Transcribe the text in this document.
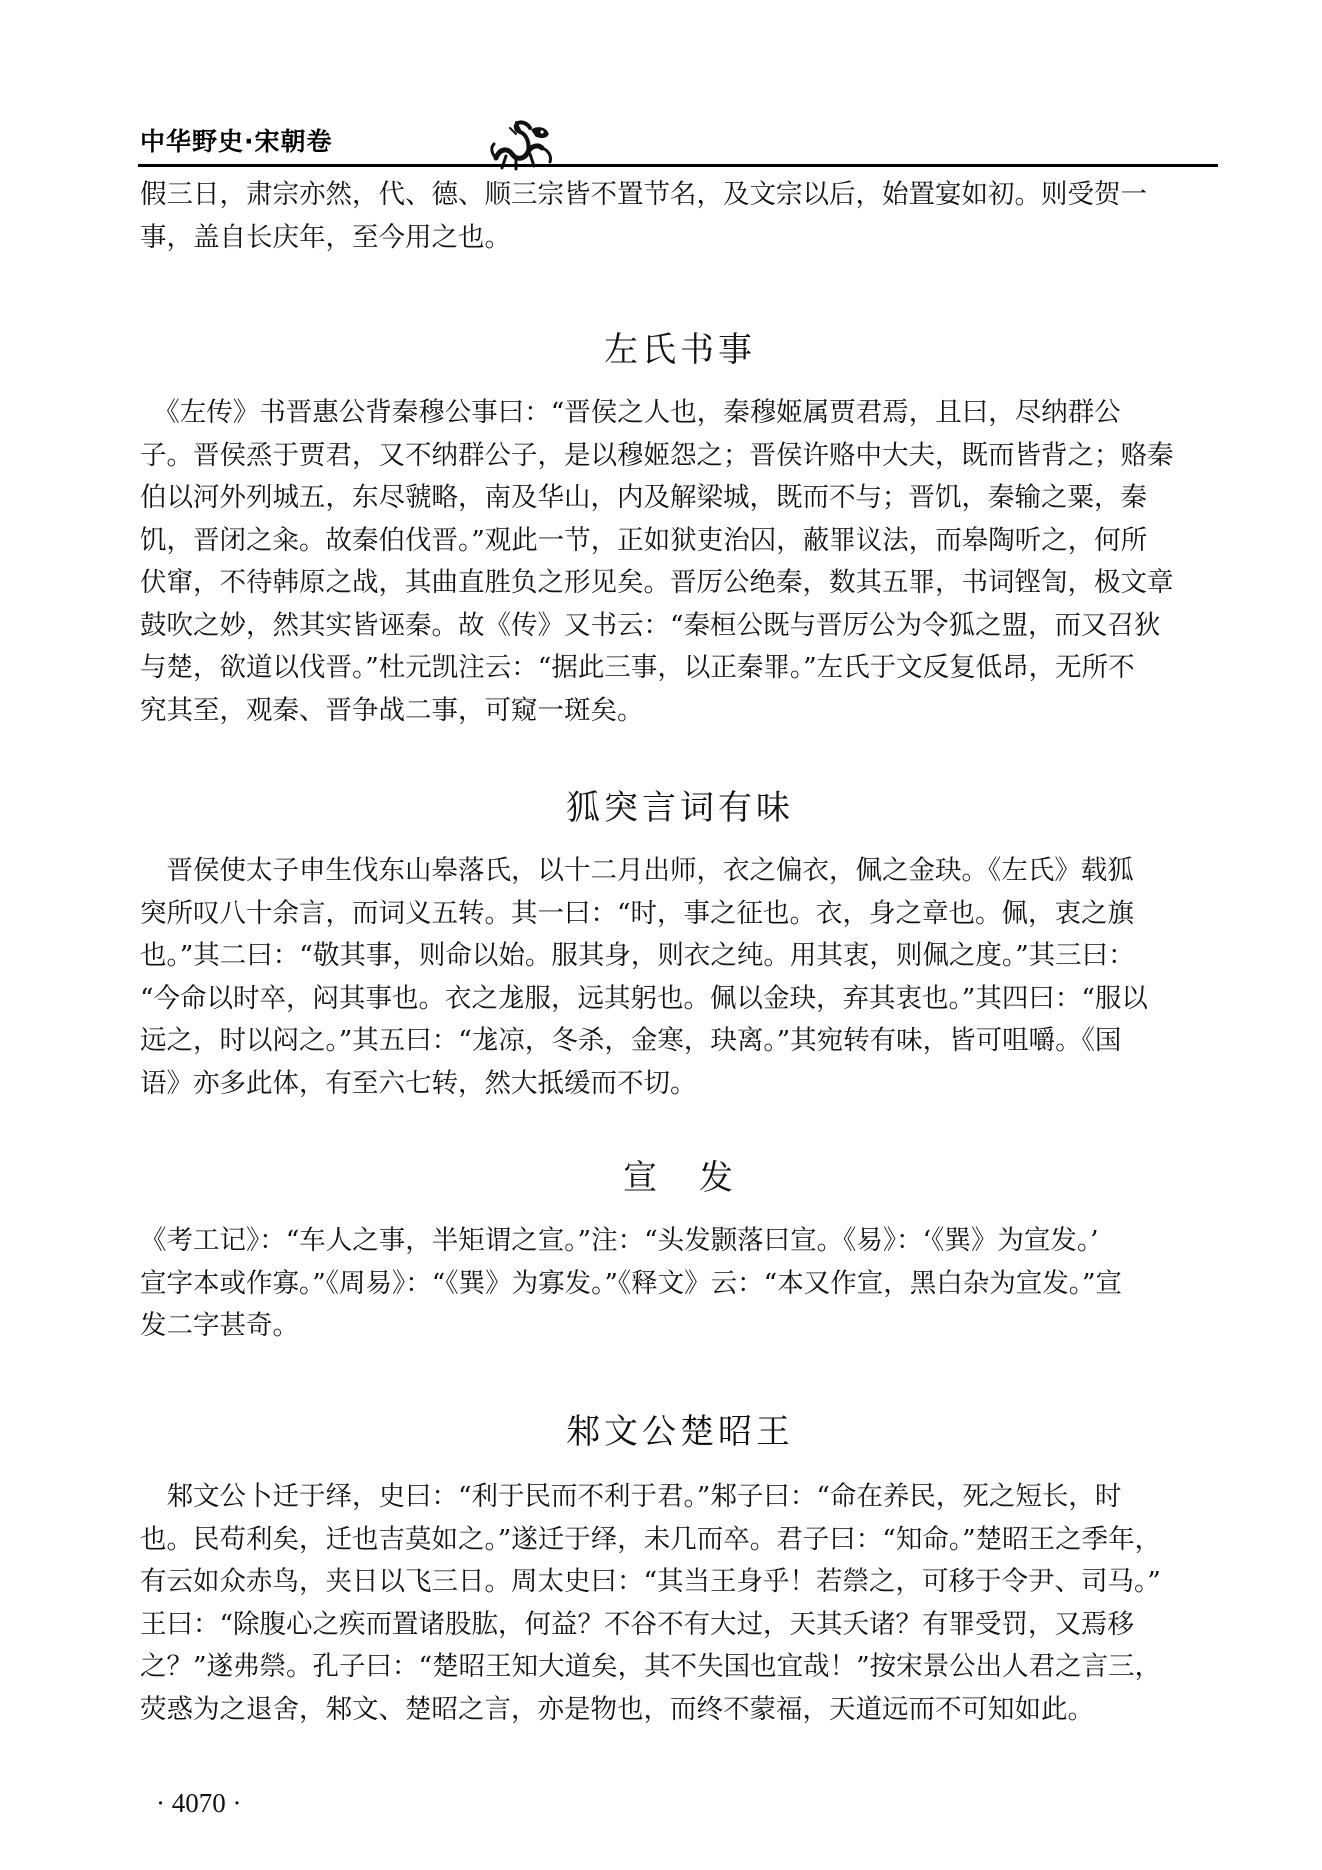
中华野史·宋朝卷
假三日，肃宗亦然，代、德、顺三宗皆不置节名，及文宗以后，始置宴如初。则受贺一
事，盖自长庆年，至今用之也。
左氏书事
　《左传》书晋惠公背秦穆公事曰：“晋侯之人也，秦穆姬属贾君焉，且曰，尽纳群公
子。晋侯烝于贾君，又不纳群公子，是以穆姬怨之；晋侯许赂中大夫，既而皆背之；赂秦
伯以河外列城五，东尽虢略，南及华山，内及解梁城，既而不与；晋饥，秦输之粟，秦
饥，晋闭之籴。故秦伯伐晋。”观此一节，正如狱吏治囚，蔽罪议法，而皋陶听之，何所
伏窜，不待韩原之战，其曲直胜负之形见矣。晋厉公绝秦，数其五罪，书词铿訇，极文章
鼓吹之妙，然其实皆诬秦。故《传》又书云：“秦桓公既与晋厉公为令狐之盟，而又召狄
与楚，欲道以伐晋。”杜元凯注云：“据此三事，以正秦罪。”左氏于文反复低昂，无所不
究其至，观秦、晋争战二事，可窥一斑矣。
狐突言词有味
　晋侯使太子申生伐东山皋落氏，以十二月出师，衣之偏衣，佩之金玦。《左氏》载狐
突所叹八十余言，而词义五转。其一曰：“时，事之征也。衣，身之章也。佩，衷之旗
也。”其二曰：“敬其事，则命以始。服其身，则衣之纯。用其衷，则佩之度。”其三曰：
“今命以时卒，闷其事也。衣之尨服，远其躬也。佩以金玦，弃其衷也。”其四曰：“服以
远之，时以闷之。”其五曰：“尨凉，冬杀，金寒，玦离。”其宛转有味，皆可咀嚼。《国
语》亦多此体，有至六七转，然大抵缓而不切。
宣　发
《考工记》：“车人之事，半矩谓之宣。”注：“头发颢落曰宣。《易》：‘《巽》为宣发。’
宣字本或作寡。”《周易》：“《巽》为寡发。”《释文》云：“本又作宣，黑白杂为宣发。”宣
发二字甚奇。
邾文公楚昭王
　邾文公卜迁于绎，史曰：“利于民而不利于君。”邾子曰：“命在养民，死之短长，时
也。民苟利矣，迁也吉莫如之。”遂迁于绎，未几而卒。君子曰：“知命。”楚昭王之季年，
有云如众赤鸟，夹日以飞三日。周太史曰：“其当王身乎！若禜之，可移于令尹、司马。”
王曰：“除腹心之疾而置诸股肱，何益？不谷不有大过，天其夭诸？有罪受罚，又焉移
之？”遂弗禜。孔子曰：“楚昭王知大道矣，其不失国也宜哉！”按宋景公出人君之言三，
荧惑为之退舍，邾文、楚昭之言，亦是物也，而终不蒙福，天道远而不可知如此。
· 4070 ·
